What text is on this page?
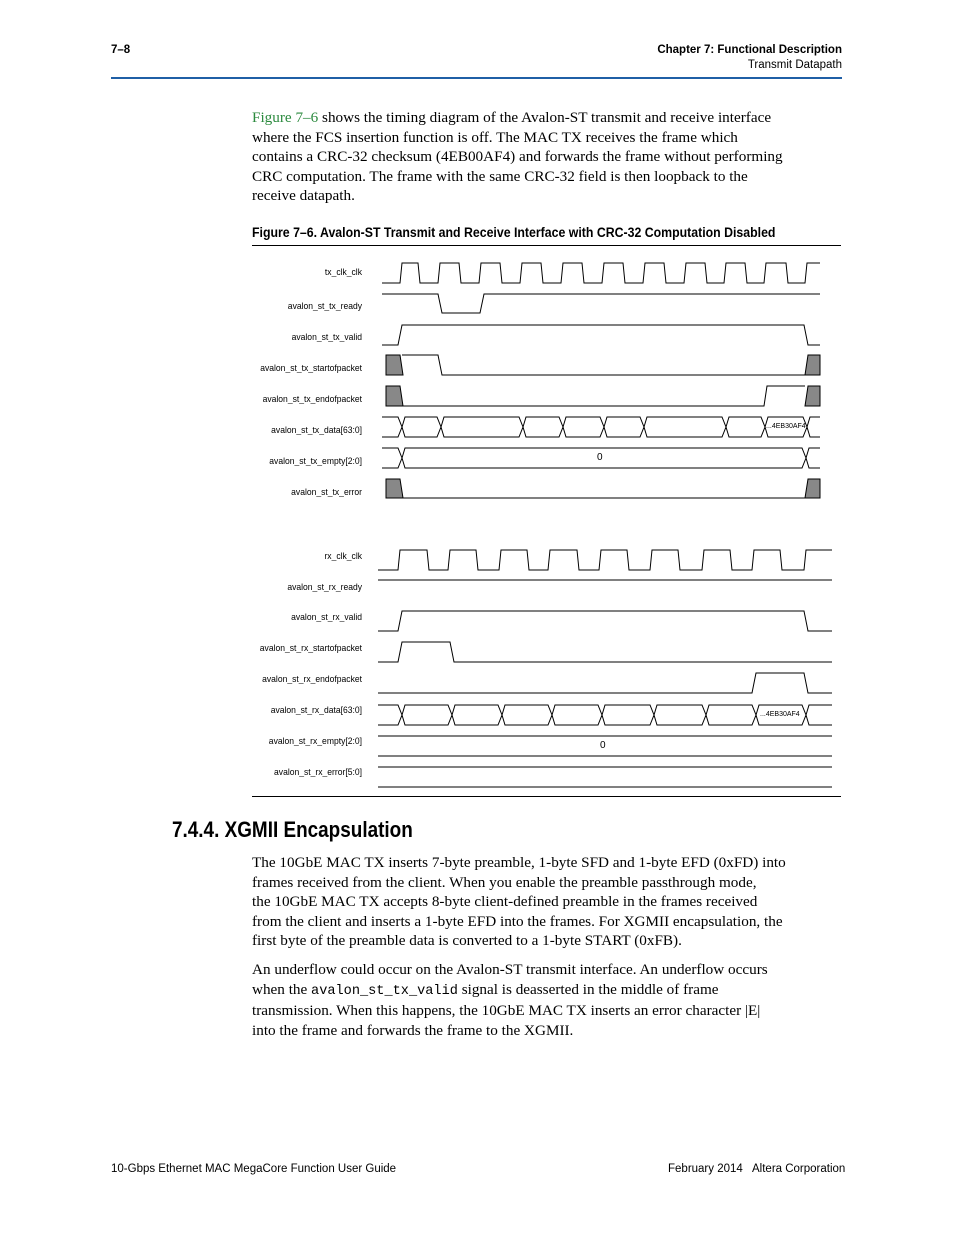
7–8	Chapter 7: Functional Description
Transmit Datapath
Figure 7–6 shows the timing diagram of the Avalon-ST transmit and receive interface
where the FCS insertion function is off. The MAC TX receives the frame which
contains a CRC-32 checksum (4EB00AF4) and forwards the frame without performing
CRC computation. The frame with the same CRC-32 field is then loopback to the
receive datapath.
Figure 7–6. Avalon-ST Transmit and Receive Interface with CRC-32 Computation Disabled
tx_clk_clk
avalon_st_tx_ready
avalon_st_tx_valid
avalon_st_tx_startofpacket
avalon_st_tx_endofpacket
avalon_st_tx_data[63:0]
avalon_st_tx_empty[2:0]
avalon_st_tx_error
rx_clk_clk
avalon_st_rx_ready
avalon_st_rx_valid
avalon_st_rx_startofpacket
avalon_st_rx_endofpacket
avalon_st_rx_data[63:0]
avalon_st_rx_empty[2:0]
avalon_st_rx_error[5:0]
...4EB30AF4
0
...4EB30AF4
0
7.4.4. XGMII Encapsulation
The 10GbE MAC TX inserts 7-byte preamble, 1-byte SFD and 1-byte EFD (0xFD) into
frames received from the client. When you enable the preamble passthrough mode,
the 10GbE MAC TX accepts 8-byte client-defined preamble in the frames received
from the client and inserts a 1-byte EFD into the frames. For XGMII encapsulation, the
first byte of the preamble data is converted to a 1-byte START (0xFB).
An underflow could occur on the Avalon-ST transmit interface. An underflow occurs
when the avalon_st_tx_valid signal is deasserted in the middle of frame
transmission. When this happens, the 10GbE MAC TX inserts an error character |E|
into the frame and forwards the frame to the XGMII.
10-Gbps Ethernet MAC MegaCore Function User Guide	February 2014 Altera Corporation
